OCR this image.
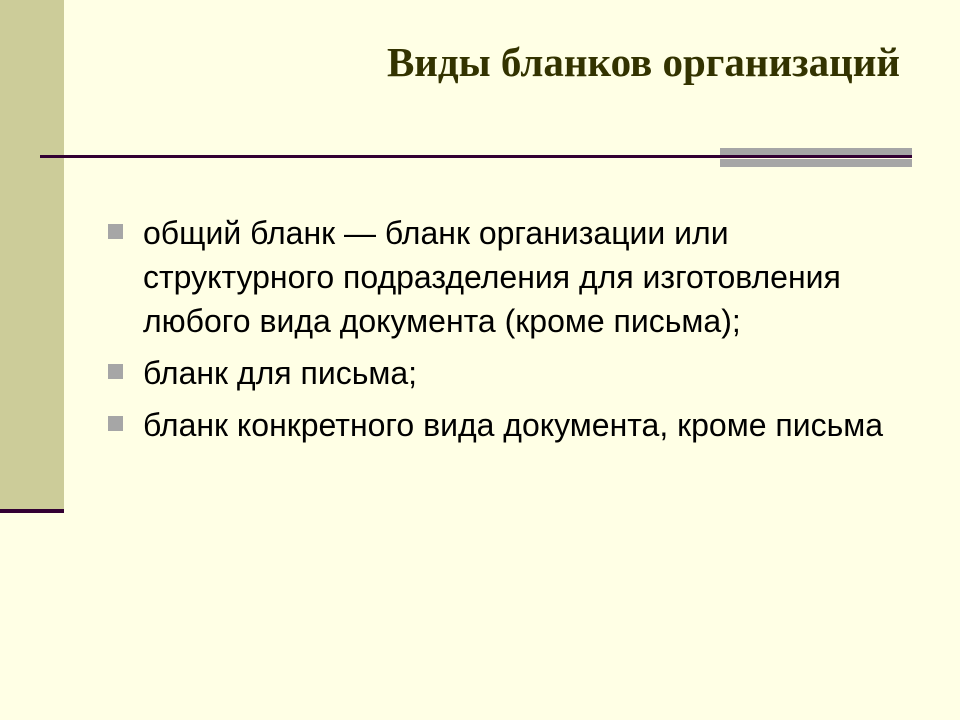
Виды бланков организаций
общий бланк — бланк организации или структурного подразделения для изготовления любого вида документа (кроме письма);
бланк для письма;
бланк конкретного вида документа, кроме письма
